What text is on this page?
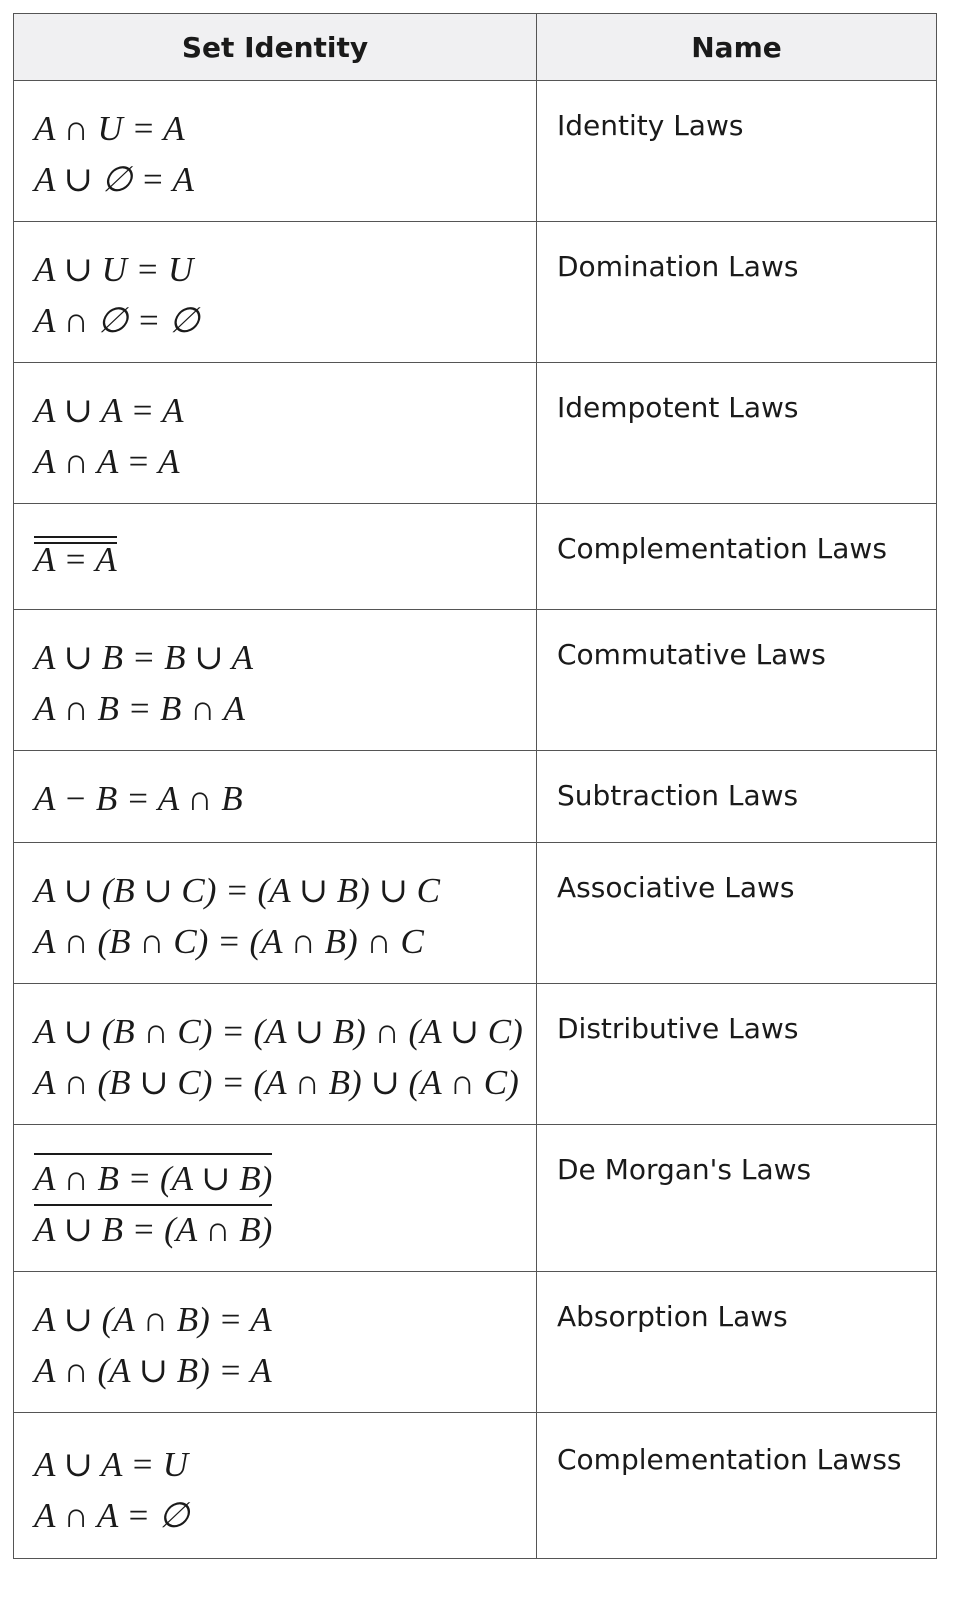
Set Identity	Name

A ∩ U = A
A ∪ ∅ = A	Identity Laws

A ∪ U = U
A ∩ ∅ = ∅	Domination Laws

A ∪ A = A
A ∩ A = A	Idempotent Laws

A = A	Complementation Laws

A ∪ B = B ∪ A
A ∩ B = B ∩ A	Commutative Laws

A − B = A ∩ B	Subtraction Laws

A ∪ (B ∪ C) = (A ∪ B) ∪ C
A ∩ (B ∩ C) = (A ∩ B) ∩ C	Associative Laws

A ∪ (B ∩ C) = (A ∪ B) ∩ (A ∪ C)
A ∩ (B ∪ C) = (A ∩ B) ∪ (A ∩ C)	Distributive Laws

A ∩ B = (A ∪ B)
A ∪ B = (A ∩ B)	De Morgan's Laws

A ∪ (A ∩ B) = A
A ∩ (A ∪ B) = A	Absorption Laws

A ∪ A = U
A ∩ A = ∅	Complementation Lawss
